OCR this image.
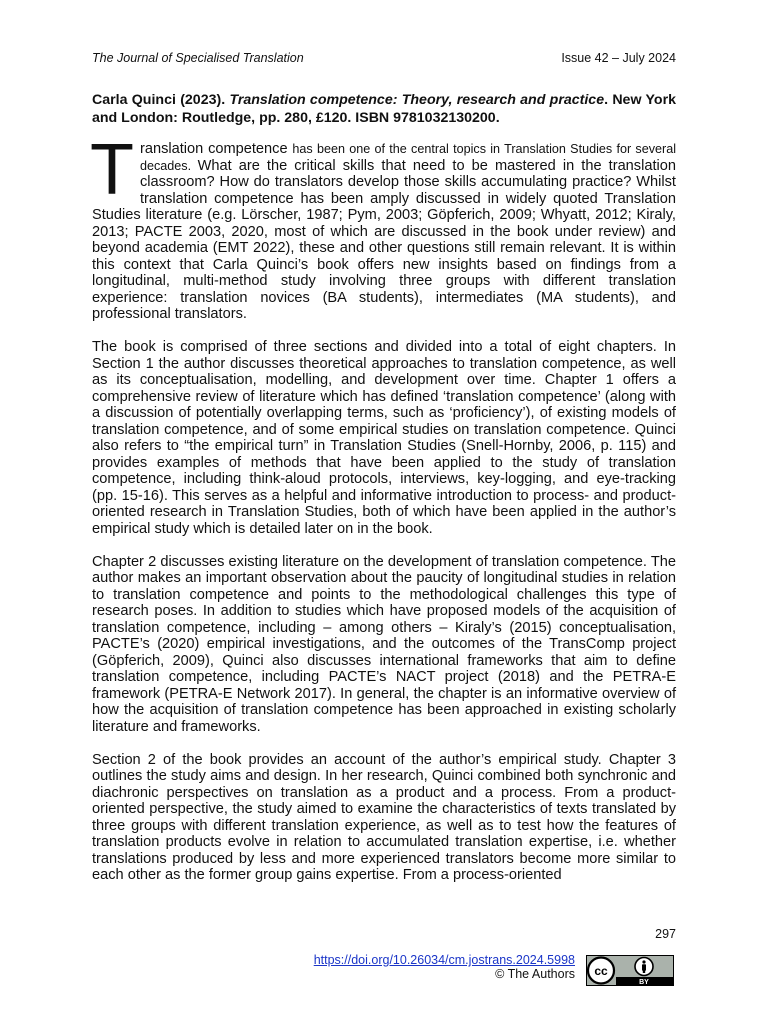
The Journal of Specialised Translation	Issue 42 – July 2024
Carla Quinci (2023). Translation competence: Theory, research and practice. New York and London: Routledge, pp. 280, £120. ISBN 9781032130200.

Translation competence has been one of the central topics in Translation Studies for several decades. What are the critical skills that need to be mastered in the translation classroom? How do translators develop those skills accumulating practice? Whilst translation competence has been amply discussed in widely quoted Translation Studies literature (e.g. Lörscher, 1987; Pym, 2003; Göpferich, 2009; Whyatt, 2012; Kiraly, 2013; PACTE 2003, 2020, most of which are discussed in the book under review) and beyond academia (EMT 2022), these and other questions still remain relevant. It is within this context that Carla Quinci’s book offers new insights based on findings from a longitudinal, multi-method study involving three groups with different translation experience: translation novices (BA students), intermediates (MA students), and professional translators.

The book is comprised of three sections and divided into a total of eight chapters. In Section 1 the author discusses theoretical approaches to translation competence, as well as its conceptualisation, modelling, and development over time. Chapter 1 offers a comprehensive review of literature which has defined ‘translation competence’ (along with a discussion of potentially overlapping terms, such as ‘proficiency’), of existing models of translation competence, and of some empirical studies on translation competence. Quinci also refers to “the empirical turn” in Translation Studies (Snell-Hornby, 2006, p. 115) and provides examples of methods that have been applied to the study of translation competence, including think-aloud protocols, interviews, key-logging, and eye-tracking (pp. 15-16). This serves as a helpful and informative introduction to process- and product-oriented research in Translation Studies, both of which have been applied in the author’s empirical study which is detailed later on in the book.

Chapter 2 discusses existing literature on the development of translation competence. The author makes an important observation about the paucity of longitudinal studies in relation to translation competence and points to the methodological challenges this type of research poses. In addition to studies which have proposed models of the acquisition of translation competence, including – among others – Kiraly’s (2015) conceptualisation, PACTE’s (2020) empirical investigations, and the outcomes of the TransComp project (Göpferich, 2009), Quinci also discusses international frameworks that aim to define translation competence, including PACTE’s NACT project (2018) and the PETRA-E framework (PETRA-E Network 2017). In general, the chapter is an informative overview of how the acquisition of translation competence has been approached in existing scholarly literature and frameworks.

Section 2 of the book provides an account of the author’s empirical study. Chapter 3 outlines the study aims and design. In her research, Quinci combined both synchronic and diachronic perspectives on translation as a product and a process. From a product-oriented perspective, the study aimed to examine the characteristics of texts translated by three groups with different translation experience, as well as to test how the features of translation products evolve in relation to accumulated translation expertise, i.e. whether translations produced by less and more experienced translators become more similar to each other as the former group gains expertise. From a process-oriented

297
https://doi.org/10.26034/cm.jostrans.2024.5998
© The Authors
BY
cc
